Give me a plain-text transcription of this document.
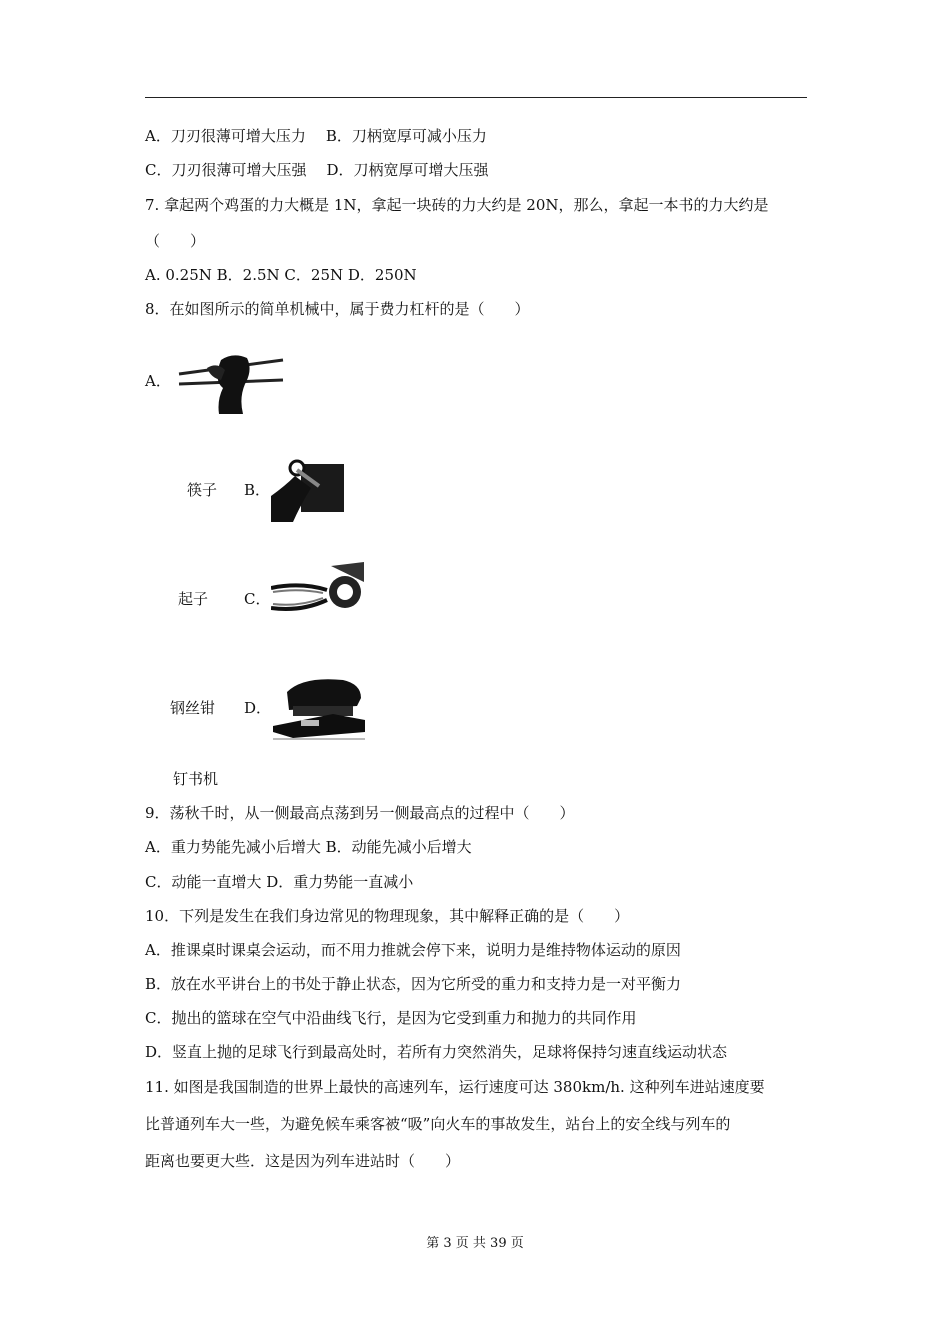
A．刀刃很薄可增大压力 B．刀柄宽厚可减小压力
C．刀刃很薄可增大压强 D．刀柄宽厚可增大压强
7. 拿起两个鸡蛋的力大概是 1N，拿起一块砖的力大约是 20N，那么，拿起一本书的力大约是
（　　）
A. 0.25N B．2.5N C．25N D．250N
8．在如图所示的简单机械中，属于费力杠杆的是（　　）
A．
筷子 B．
起子 C．
钢丝钳 D．
钉书机
9．荡秋千时，从一侧最高点荡到另一侧最高点的过程中（　　）
A．重力势能先减小后增大 B．动能先减小后增大
C．动能一直增大 D．重力势能一直减小
10．下列是发生在我们身边常见的物理现象，其中解释正确的是（　　）
A．推课桌时课桌会运动，而不用力推就会停下来，说明力是维持物体运动的原因
B．放在水平讲台上的书处于静止状态，因为它所受的重力和支持力是一对平衡力
C．抛出的篮球在空气中沿曲线飞行，是因为它受到重力和抛力的共同作用
D．竖直上抛的足球飞行到最高处时，若所有力突然消失，足球将保持匀速直线运动状态
11. 如图是我国制造的世界上最快的高速列车，运行速度可达 380km/h. 这种列车进站速度要
比普通列车大一些，为避免候车乘客被“吸”向火车的事故发生，站台上的安全线与列车的
距离也要更大些．这是因为列车进站时（　　）
第 3 页 共 39 页
